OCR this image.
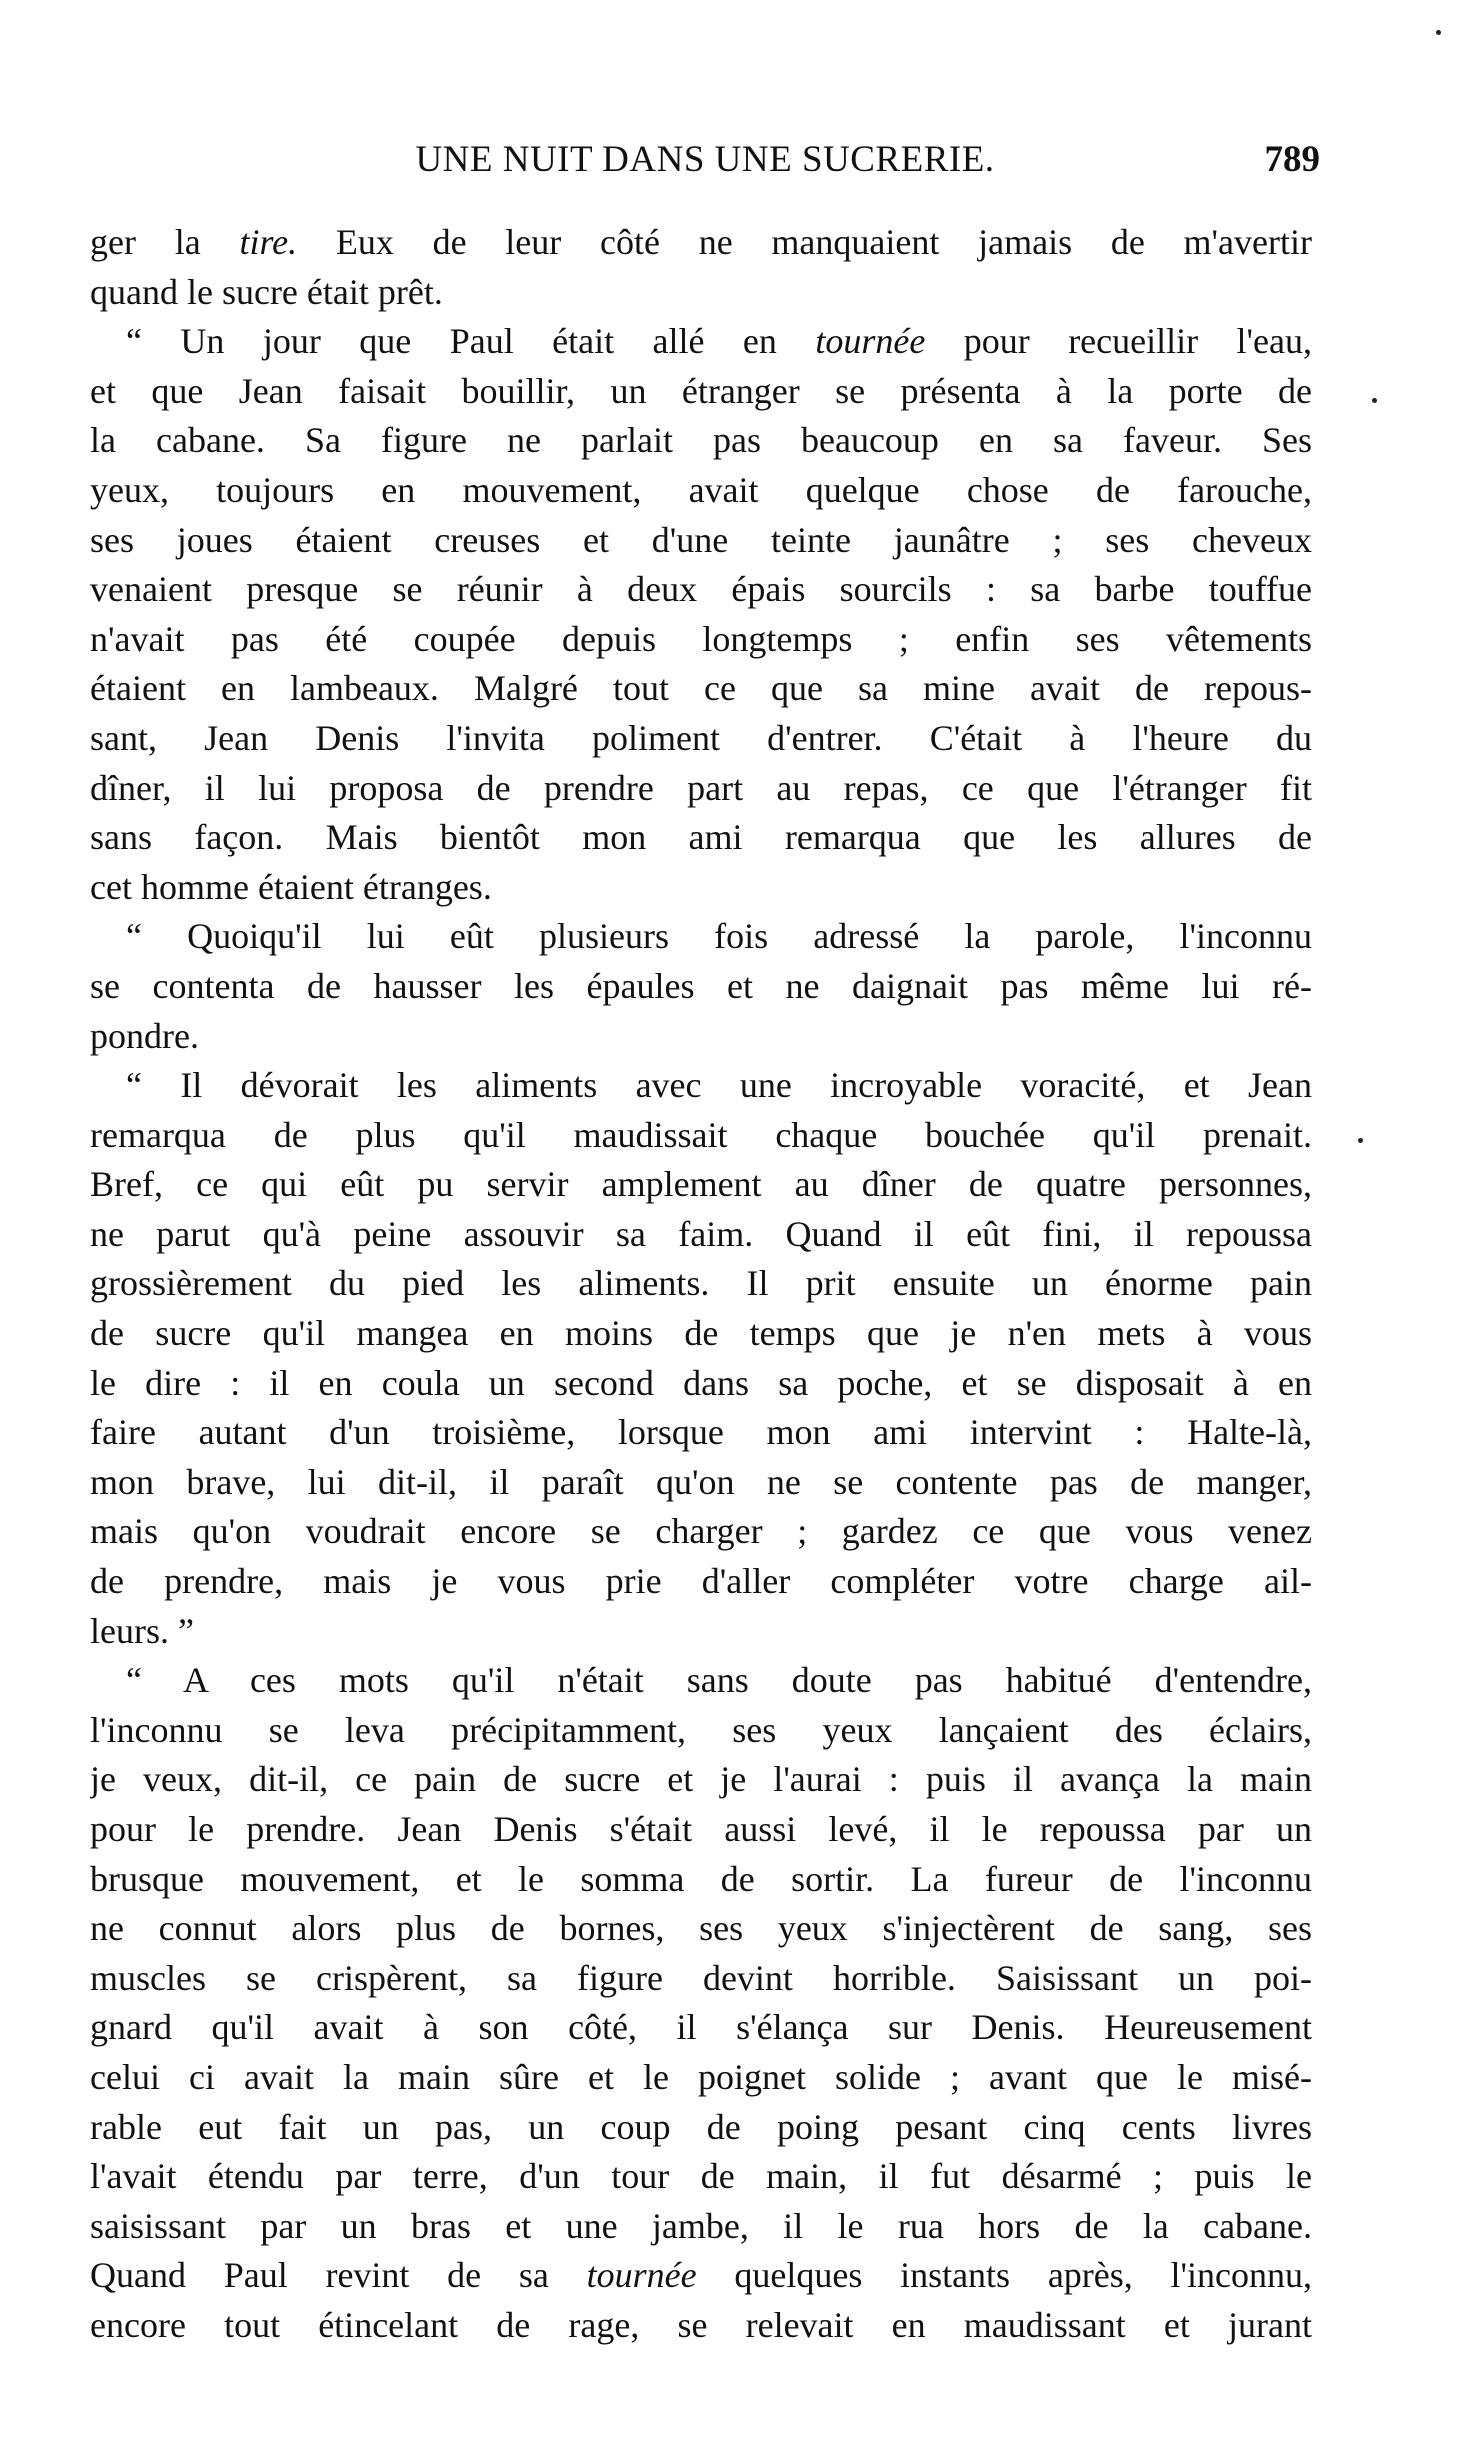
UNE NUIT DANS UNE SUCRERIE.	789
ger la tire. Eux de leur côté ne manquaient jamais de m'avertir
quand le sucre était prêt.
“ Un jour que Paul était allé en tournée pour recueillir l'eau,
et que Jean faisait bouillir, un étranger se présenta à la porte de
la cabane. Sa figure ne parlait pas beaucoup en sa faveur. Ses
yeux, toujours en mouvement, avait quelque chose de farouche,
ses joues étaient creuses et d'une teinte jaunâtre ; ses cheveux
venaient presque se réunir à deux épais sourcils : sa barbe touffue
n'avait pas été coupée depuis longtemps ; enfin ses vêtements
étaient en lambeaux. Malgré tout ce que sa mine avait de repous-
sant, Jean Denis l'invita poliment d'entrer. C'était à l'heure du
dîner, il lui proposa de prendre part au repas, ce que l'étranger fit
sans façon. Mais bientôt mon ami remarqua que les allures de
cet homme étaient étranges.
“ Quoiqu'il lui eût plusieurs fois adressé la parole, l'inconnu
se contenta de hausser les épaules et ne daignait pas même lui ré-
pondre.
“ Il dévorait les aliments avec une incroyable voracité, et Jean
remarqua de plus qu'il maudissait chaque bouchée qu'il prenait.
Bref, ce qui eût pu servir amplement au dîner de quatre personnes,
ne parut qu'à peine assouvir sa faim. Quand il eût fini, il repoussa
grossièrement du pied les aliments. Il prit ensuite un énorme pain
de sucre qu'il mangea en moins de temps que je n'en mets à vous
le dire : il en coula un second dans sa poche, et se disposait à en
faire autant d'un troisième, lorsque mon ami intervint : Halte-là,
mon brave, lui dit-il, il paraît qu'on ne se contente pas de manger,
mais qu'on voudrait encore se charger ; gardez ce que vous venez
de prendre, mais je vous prie d'aller compléter votre charge ail-
leurs. ”
“ A ces mots qu'il n'était sans doute pas habitué d'entendre,
l'inconnu se leva précipitamment, ses yeux lançaient des éclairs,
je veux, dit-il, ce pain de sucre et je l'aurai : puis il avança la main
pour le prendre. Jean Denis s'était aussi levé, il le repoussa par un
brusque mouvement, et le somma de sortir. La fureur de l'inconnu
ne connut alors plus de bornes, ses yeux s'injectèrent de sang, ses
muscles se crispèrent, sa figure devint horrible. Saisissant un poi-
gnard qu'il avait à son côté, il s'élança sur Denis. Heureusement
celui ci avait la main sûre et le poignet solide ; avant que le misé-
rable eut fait un pas, un coup de poing pesant cinq cents livres
l'avait étendu par terre, d'un tour de main, il fut désarmé ; puis le
saisissant par un bras et une jambe, il le rua hors de la cabane.
Quand Paul revint de sa tournée quelques instants après, l'inconnu,
encore tout étincelant de rage, se relevait en maudissant et jurant
